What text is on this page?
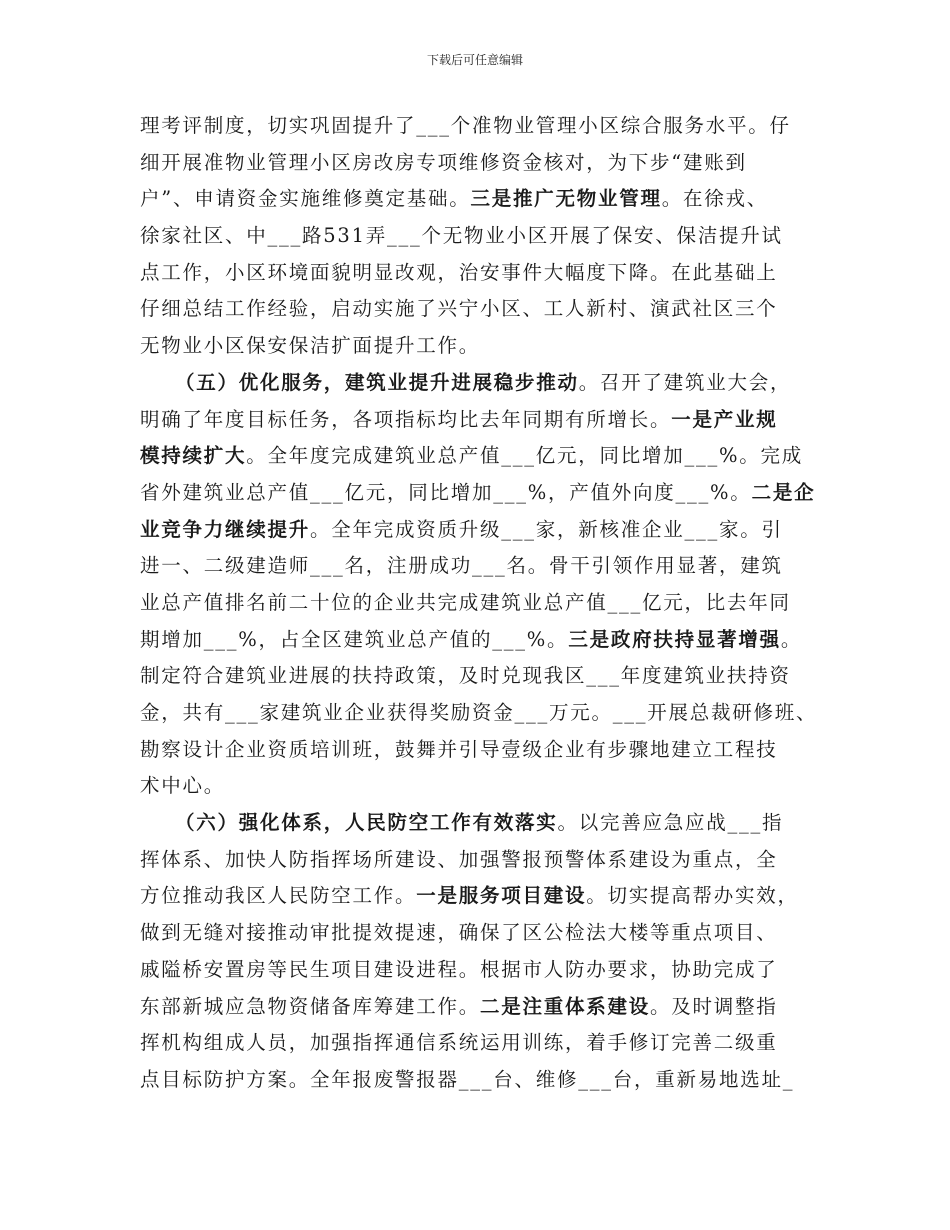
下载后可任意编辑
理考评制度，切实巩固提升了___个准物业管理小区综合服务水平。仔
细开展准物业管理小区房改房专项维修资金核对，为下步“建账到
户”、申请资金实施维修奠定基础。三是推广无物业管理。在徐戎、
徐家社区、中___路531弄___个无物业小区开展了保安、保洁提升试
点工作，小区环境面貌明显改观，治安事件大幅度下降。在此基础上
仔细总结工作经验，启动实施了兴宁小区、工人新村、演武社区三个
无物业小区保安保洁扩面提升工作。
（五）优化服务，建筑业提升进展稳步推动。召开了建筑业大会，
明确了年度目标任务，各项指标均比去年同期有所增长。一是产业规
模持续扩大。全年度完成建筑业总产值___亿元，同比增加___%。完成
省外建筑业总产值___亿元，同比增加___%，产值外向度___%。二是企
业竞争力继续提升。全年完成资质升级___家，新核准企业___家。引
进一、二级建造师___名，注册成功___名。骨干引领作用显著，建筑
业总产值排名前二十位的企业共完成建筑业总产值___亿元，比去年同
期增加___%，占全区建筑业总产值的___%。三是政府扶持显著增强。
制定符合建筑业进展的扶持政策，及时兑现我区___年度建筑业扶持资
金，共有___家建筑业企业获得奖励资金___万元。___开展总裁研修班、
勘察设计企业资质培训班，鼓舞并引导壹级企业有步骤地建立工程技
术中心。
（六）强化体系，人民防空工作有效落实。以完善应急应战___指
挥体系、加快人防指挥场所建设、加强警报预警体系建设为重点，全
方位推动我区人民防空工作。一是服务项目建设。切实提高帮办实效，
做到无缝对接推动审批提效提速，确保了区公检法大楼等重点项目、
戚隘桥安置房等民生项目建设进程。根据市人防办要求，协助完成了
东部新城应急物资储备库筹建工作。二是注重体系建设。及时调整指
挥机构组成人员，加强指挥通信系统运用训练，着手修订完善二级重
点目标防护方案。全年报废警报器___台、维修___台，重新易地选址_
